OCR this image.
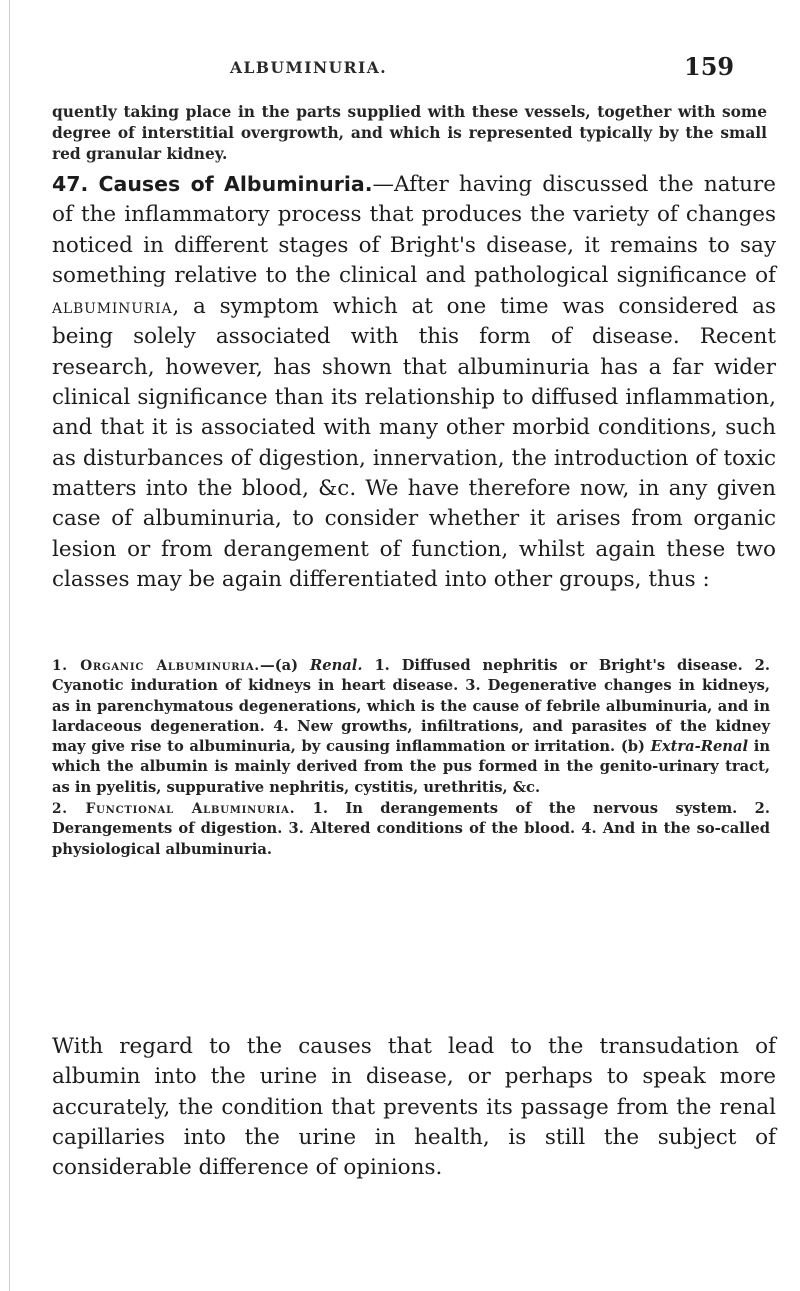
ALBUMINURIA.	159
quently taking place in the parts supplied with these vessels, together with some degree of interstitial overgrowth, and which is represented typically by the small red granular kidney.
47. Causes of Albuminuria.—After having discussed the nature of the inflammatory process that produces the variety of changes noticed in different stages of Bright's disease, it remains to say something relative to the clinical and pathological significance of albuminuria, a symptom which at one time was considered as being solely associated with this form of disease. Recent research, however, has shown that albuminuria has a far wider clinical significance than its relationship to diffused inflammation, and that it is associated with many other morbid conditions, such as disturbances of digestion, innervation, the introduction of toxic matters into the blood, &c. We have therefore now, in any given case of albuminuria, to consider whether it arises from organic lesion or from derangement of function, whilst again these two classes may be again differentiated into other groups, thus :

1. Organic Albuminuria.—(a) Renal. 1. Diffused nephritis or Bright's disease. 2. Cyanotic induration of kidneys in heart disease. 3. Degenerative changes in kidneys, as in parenchymatous degenerations, which is the cause of febrile albuminuria, and in lardaceous degeneration. 4. New growths, infiltrations, and parasites of the kidney may give rise to albuminuria, by causing inflammation or irritation. (b) Extra-Renal in which the albumin is mainly derived from the pus formed in the genito-urinary tract, as in pyelitis, suppurative nephritis, cystitis, urethritis, &c.

2. Functional Albuminuria. 1. In derangements of the nervous system. 2. Derangements of digestion. 3. Altered conditions of the blood. 4. And in the so-called physiological albuminuria.

With regard to the causes that lead to the transudation of albumin into the urine in disease, or perhaps to speak more accurately, the condition that prevents its passage from the renal capillaries into the urine in health, is still the subject of considerable difference of opinions.
